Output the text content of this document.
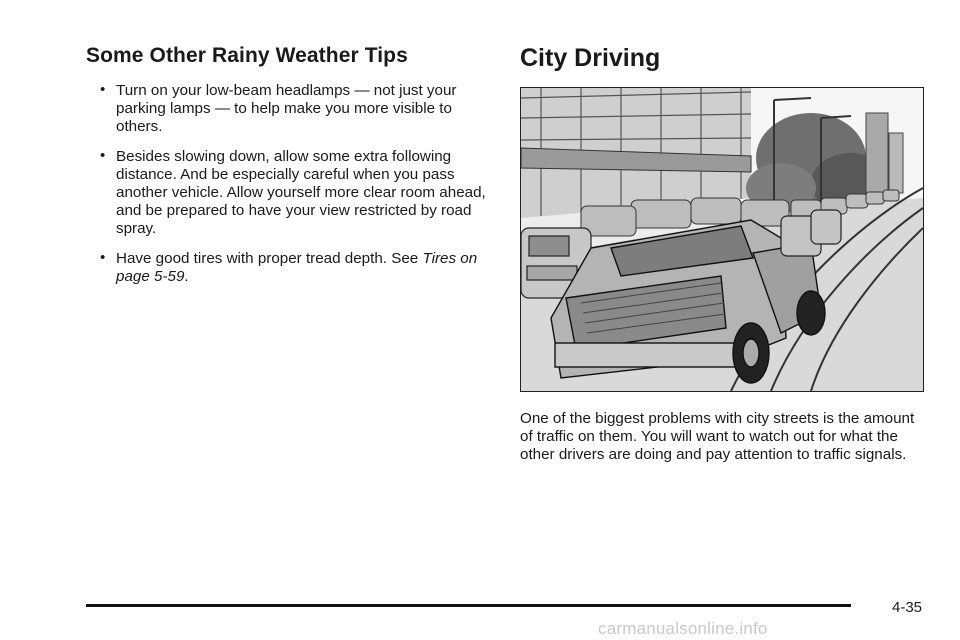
Some Other Rainy Weather Tips
• Turn on your low-beam headlamps — not just your parking lamps — to help make you more visible to others.
• Besides slowing down, allow some extra following distance. And be especially careful when you pass another vehicle. Allow yourself more clear room ahead, and be prepared to have your view restricted by road spray.
• Have good tires with proper tread depth. See Tires on page 5-59.
City Driving

One of the biggest problems with city streets is the amount of traffic on them. You will want to watch out for what the other drivers are doing and pay attention to traffic signals.

4-35
carmanualsonline.info
